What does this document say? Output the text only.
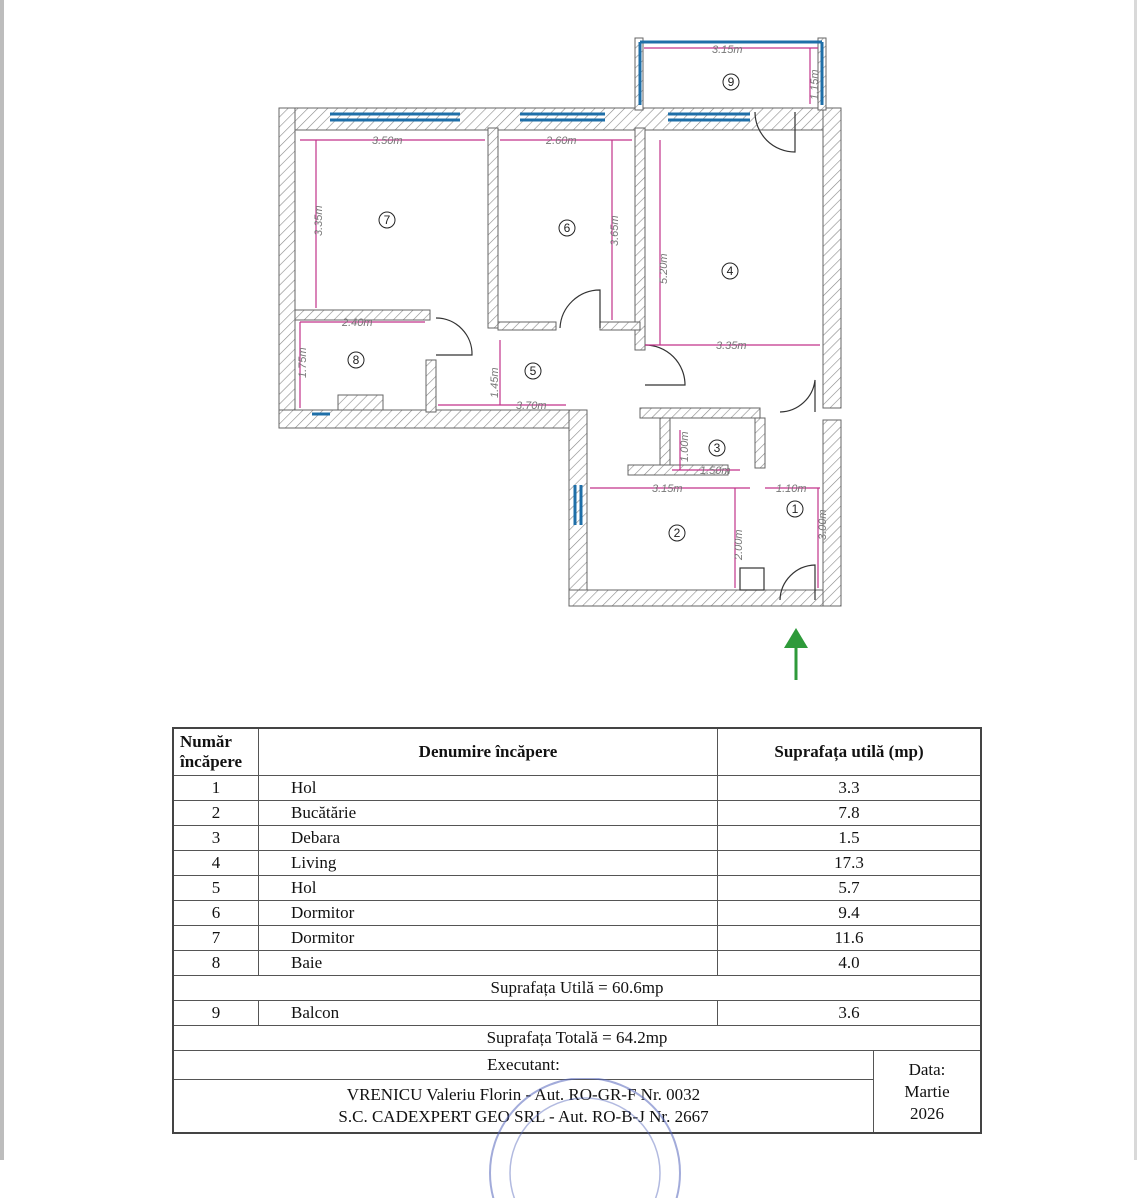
3.15m
1.15m
3.50m	2.60m
3.35m	3.65m
5.20m
2.40m
1.75m
1.45m
3.70m
3.35m
1.00m
1.50m
3.15m	1.10m
3.00m
2.00m
1
2
3
4
5
6
7
8
9
Număr încăpere	Denumire încăpere	Suprafața utilă (mp)	
1	Hol	3.3	
2	Bucătărie	7.8	
3	Debara	1.5	
4	Living	17.3	
5	Hol	5.7	
6	Dormitor	9.4	
7	Dormitor	11.6	
8	Baie	4.0	
Suprafața Utilă = 60.6mp			
9	Balcon	3.6	
Suprafața Totală = 64.2mp			
Executant:			Data:
Martie
2026

VRENICU Valeriu Florin - Aut. RO-GR-F Nr. 0032
S.C. CADEXPERT GEO SRL - Aut. RO-B-J Nr. 2667			
